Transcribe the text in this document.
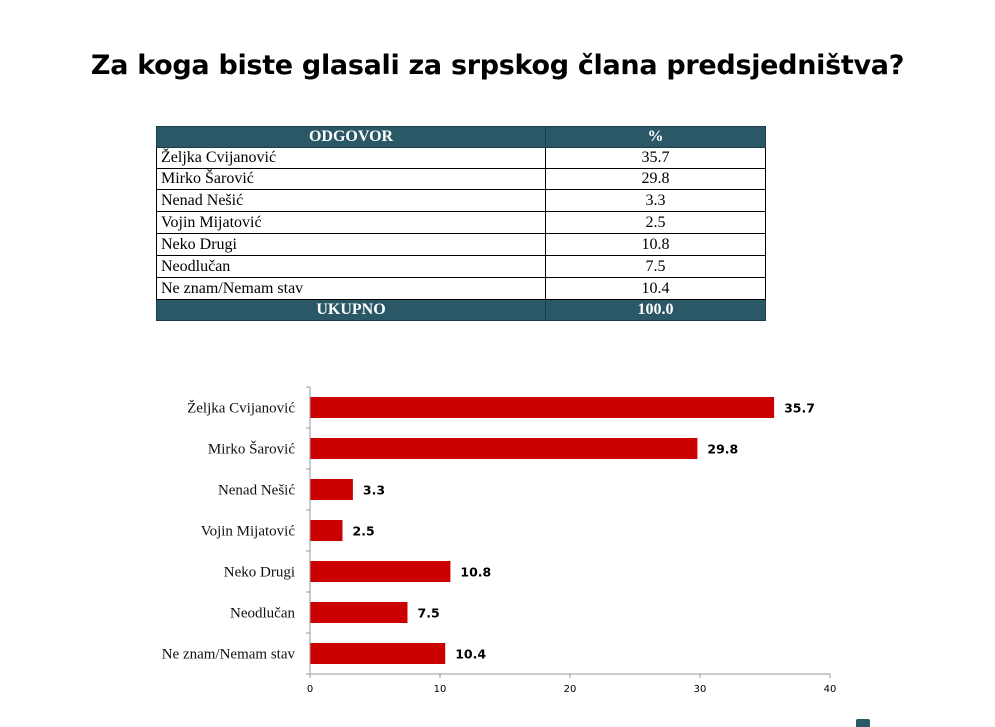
Za koga biste glasali za srpskog člana predsjedništva?
ODGOVOR	%
Željka Cvijanović	35.7
Mirko Šarović	29.8
Nenad Nešić	3.3
Vojin Mijatović	2.5
Neko Drugi	10.8
Neodlučan	7.5
Ne znam/Nemam stav	10.4
UKUPNO	100.0
Željka Cvijanović	35.7
Mirko Šarović	29.8
Nenad Nešić	3.3
Vojin Mijatović	2.5
Neko Drugi	10.8
Neodlučan	7.5
Ne znam/Nemam stav	10.4
0	10	20	30	40
